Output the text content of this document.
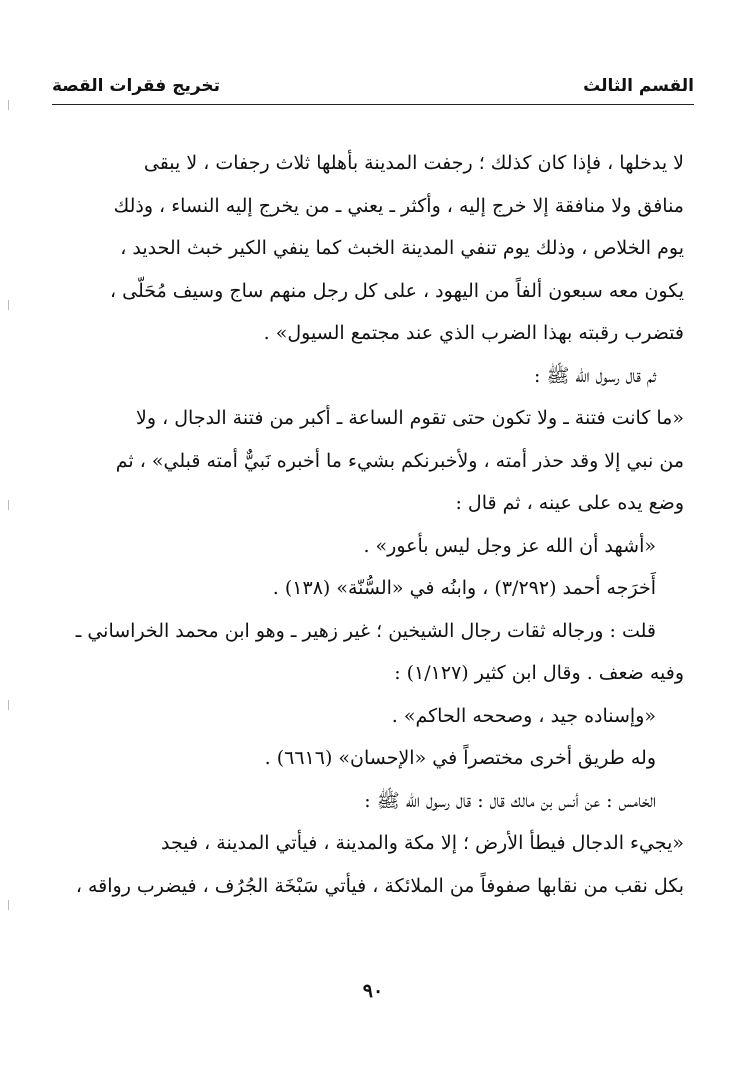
القسم الثالث
تخريج فقرات القصة
لا يدخلها ، فإذا كان كذلك ؛ رجفت المدينة بأهلها ثلاث رجفات ، لا يبقى
منافق ولا منافقة إلا خرج إليه ، وأكثر ـ يعني ـ من يخرج إليه النساء ، وذلك
يوم الخلاص ، وذلك يوم تنفي المدينة الخبث كما ينفي الكير خبث الحديد ،
يكون معه سبعون ألفاً من اليهود ، على كل رجل منهم ساج وسيف مُحَلّى ،
فتضرب رقبته بهذا الضرب الذي عند مجتمع السيول» .
ثم قال رسول الله ﷺ :
«ما كانت فتنة ـ ولا تكون حتى تقوم الساعة ـ أكبر من فتنة الدجال ، ولا
من نبي إلا وقد حذر أمته ، ولأخبرنكم بشيء ما أخبره نَبيٌّ أمته قبلي» ، ثم
وضع يده على عينه ، ثم قال :
«أشهد أن الله عز وجل ليس بأعور» .
أَخرَجه أحمد (٣/٢٩٢) ، وابنُه في «السُّنّة» (١٣٨) .
قلت : ورجاله ثقات رجال الشيخين ؛ غير زهير ـ وهو ابن محمد الخراساني ـ
وفيه ضعف . وقال ابن كثير (١/١٢٧) :
«وإسناده جيد ، وصححه الحاكم» .
وله طريق أخرى مختصراً في «الإحسان» (٦٦١٦) .
الخامس : عن أنس بن مالك قال : قال رسول الله ﷺ :
«يجيء الدجال فيطأ الأرض ؛ إلا مكة والمدينة ، فيأتي المدينة ، فيجد
بكل نقب من نقابها صفوفاً من الملائكة ، فيأتي سَبْخَة الجُرُف ، فيضرب رواقه ،
٩٠
